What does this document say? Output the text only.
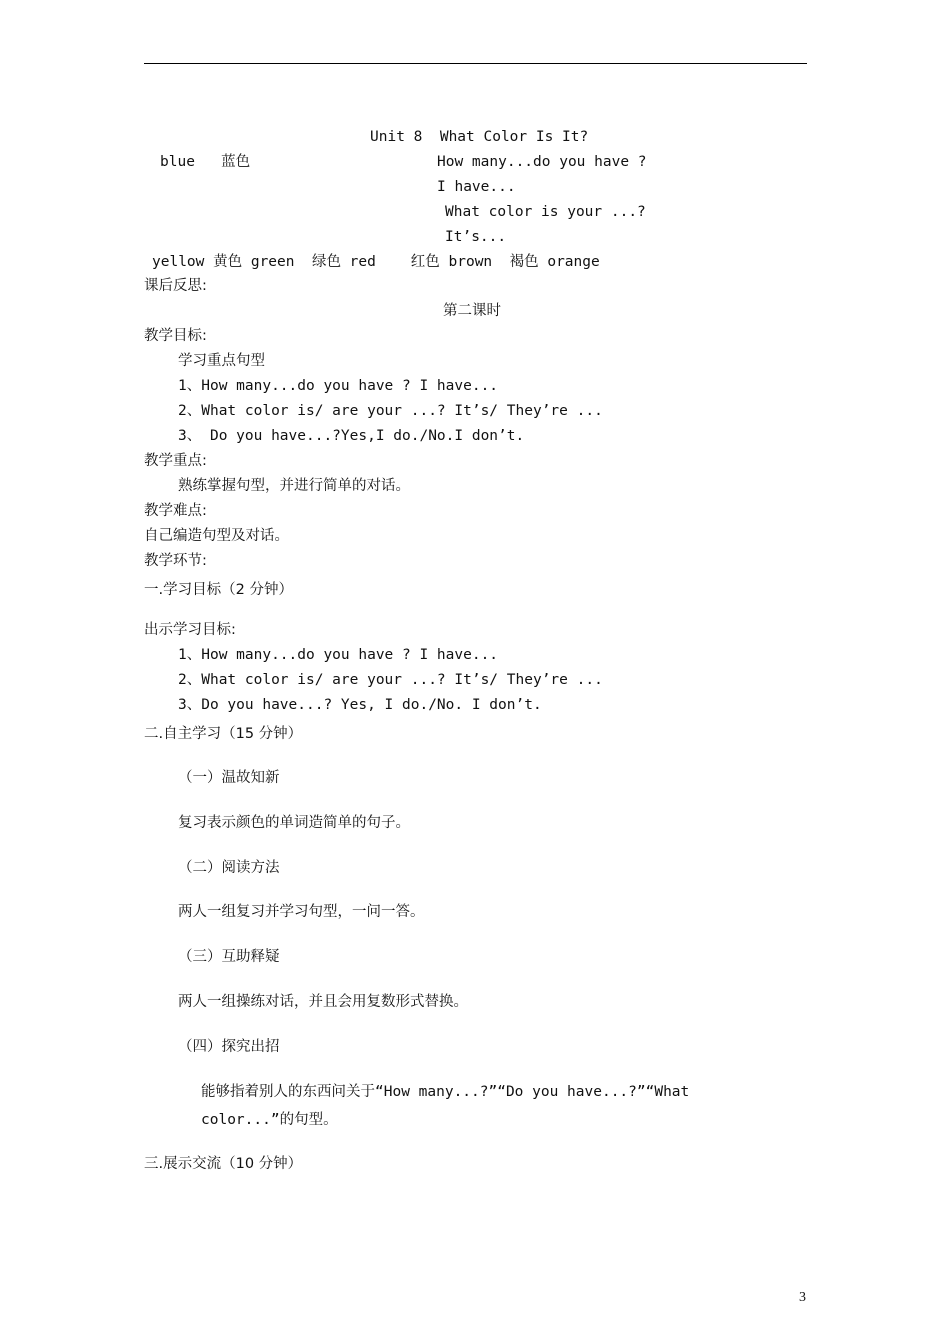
Unit 8  What Color Is It?
blue   蓝色	How many...do you have ?
I have...
What color is your ...?
It’s...
yellow 黄色 green  绿色 red    红色 brown  褐色 orange
课后反思:
第二课时
教学目标:
学习重点句型
1、How many...do you have ? I have...
2、What color is/ are your ...? It’s/ They’re ...
3、 Do you have...?Yes,I do./No.I don’t.
教学重点:
熟练掌握句型，并进行简单的对话。
教学难点:
自己编造句型及对话。
教学环节:
一.学习目标（2 分钟）
出示学习目标:
1、How many...do you have ? I have...
2、What color is/ are your ...? It’s/ They’re ...
3、Do you have...? Yes, I do./No. I don’t.
二.自主学习（15 分钟）
（一）温故知新
复习表示颜色的单词造简单的句子。
（二）阅读方法
两人一组复习并学习句型，一问一答。
（三）互助释疑
两人一组操练对话，并且会用复数形式替换。
（四）探究出招
能够指着别人的东西问关于“How many...?”“Do you have...?”“What
color...”的句型。
三.展示交流（10 分钟）
3
